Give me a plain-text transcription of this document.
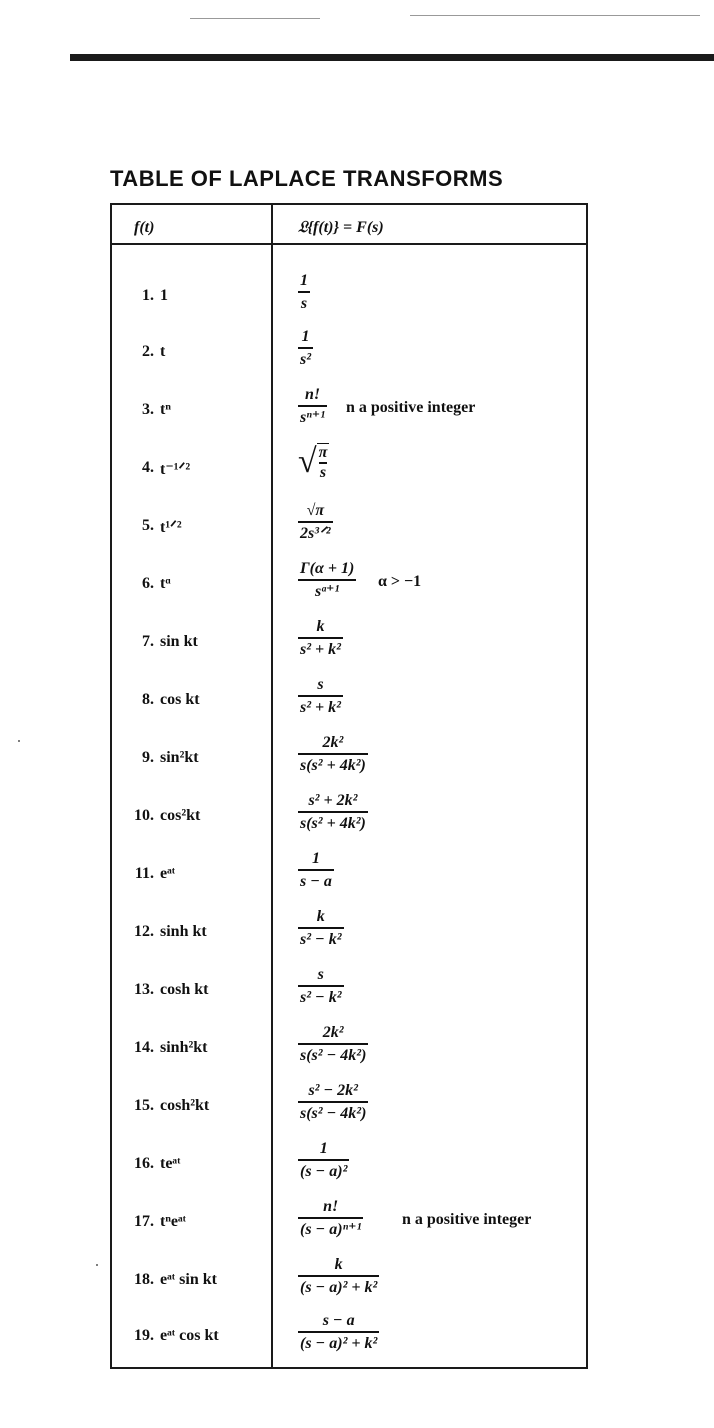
TABLE OF LAPLACE TRANSFORMS
f(t)	𝔏{f(t)} = F(s)
1. 1
1
s
2. t
1
s²
3. tⁿ
n!
sⁿ⁺¹
n a positive integer
4. t⁻¹ᐟ²	√ π
s
5. t¹ᐟ²
√π
2s³ᐟ²
6. tᵅ
Γ(α + 1)
sᵅ⁺¹
α > −1
7. sin kt
k
s² + k²
8. cos kt
s
s² + k²
9. sin²kt
2k²
s(s² + 4k²)
10. cos²kt
s² + 2k²
s(s² + 4k²)
11. eᵃᵗ
1
s − a
12. sinh kt
k
s² − k²
13. cosh kt
s
s² − k²
14. sinh²kt
2k²
s(s² − 4k²)
15. cosh²kt
s² − 2k²
s(s² − 4k²)
16. teᵃᵗ
1
(s − a)²
17. tⁿeᵃᵗ
n!
(s − a)ⁿ⁺¹
n a positive integer
18. eᵃᵗ sin kt
k
(s − a)² + k²
19. eᵃᵗ cos kt
s − a
(s − a)² + k²
